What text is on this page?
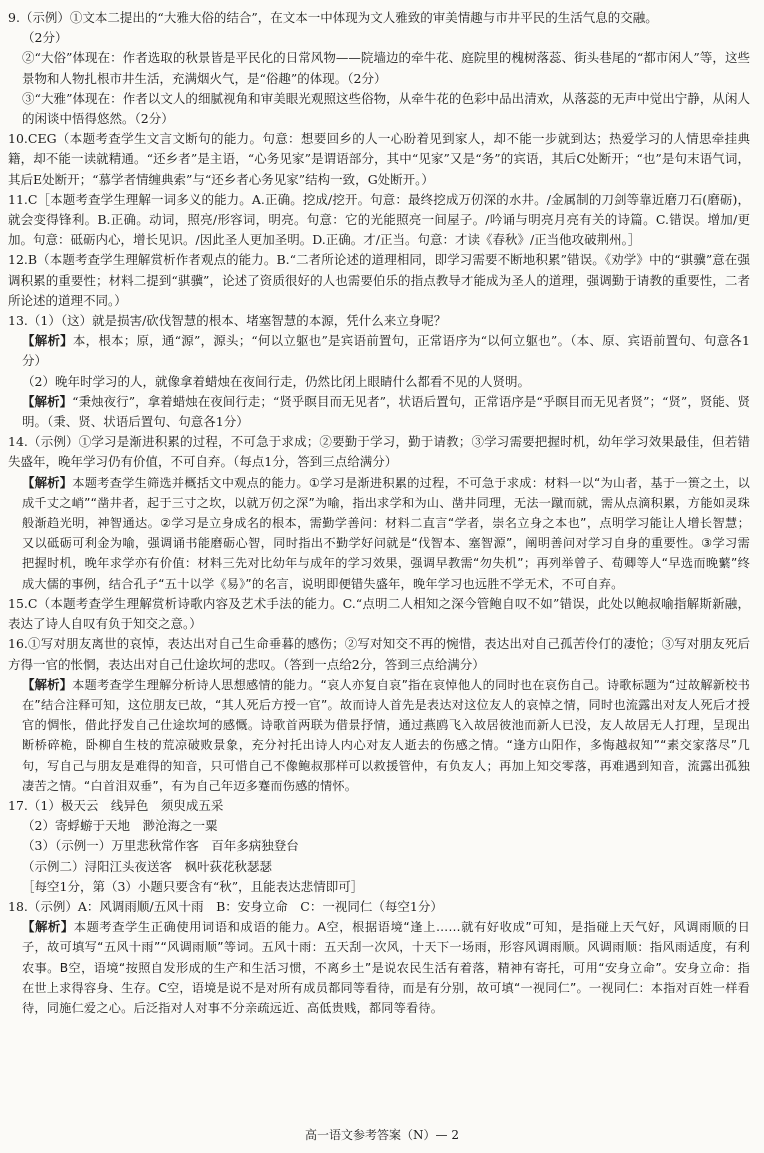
9.（示例）①文本二提出的“大雅大俗的结合”，在文本一中体现为文人雅致的审美情趣与市井平民的生活气息的交融。
（2分）
②“大俗”体现在：作者选取的秋景皆是平民化的日常风物——院墙边的牵牛花、庭院里的槐树落蕊、街头巷尾的“都市闲人”等，这些景物和人物扎根市井生活，充满烟火气，是“俗趣”的体现。（2分）
③“大雅”体现在：作者以文人的细腻视角和审美眼光观照这些俗物，从牵牛花的色彩中品出清欢，从落蕊的无声中觉出宁静，从闲人的闲谈中悟得悠然。（2分）
10.CEG（本题考查学生文言文断句的能力。句意：想要回乡的人一心盼着见到家人，却不能一步就到达；热爱学习的人情思牵挂典籍，却不能一读就精通。“还乡者”是主语，“心务见家”是谓语部分，其中“见家”又是“务”的宾语，其后C处断开；“也”是句末语气词，其后E处断开；“慕学者情缠典索”与“还乡者心务见家”结构一致，G处断开。）
11.C［本题考查学生理解一词多义的能力。A.正确。挖成/挖开。句意：最终挖成万仞深的水井。/金属制的刀剑等靠近磨刀石(磨砺)，就会变得锋利。B.正确。动词，照亮/形容词，明亮。句意：它的光能照亮一间屋子。/吟诵与明亮月亮有关的诗篇。C.错误。增加/更加。句意：砥砺内心，增长见识。/因此圣人更加圣明。D.正确。才/正当。句意：才读《春秋》/正当他攻破荆州。］
12.B（本题考查学生理解赏析作者观点的能力。B.“二者所论述的道理相同，即学习需要不断地积累”错误。《劝学》中的“骐骥”意在强调积累的重要性；材料二提到“骐骥”，论述了资质很好的人也需要伯乐的指点教导才能成为圣人的道理，强调勤于请教的重要性，二者所论述的道理不同。）
13.（1）（这）就是损害/砍伐智慧的根本、堵塞智慧的本源，凭什么来立身呢？
【解析】本，根本；原，通“源”，源头；“何以立躯也”是宾语前置句，正常语序为“以何立躯也”。（本、原、宾语前置句、句意各1分）
（2）晚年时学习的人，就像拿着蜡烛在夜间行走，仍然比闭上眼睛什么都看不见的人贤明。
【解析】“秉烛夜行”，拿着蜡烛在夜间行走；“贤乎瞑目而无见者”，状语后置句，正常语序是“乎瞑目而无见者贤”；“贤”，贤能、贤明。（秉、贤、状语后置句、句意各1分）
14.（示例）①学习是渐进积累的过程，不可急于求成；②要勤于学习，勤于请教；③学习需要把握时机，幼年学习效果最佳，但若错失盛年，晚年学习仍有价值，不可自弃。（每点1分，答到三点给满分）
【解析】本题考查学生筛选并概括文中观点的能力。①学习是渐进积累的过程，不可急于求成：材料一以“为山者，基于一篑之土，以成千丈之峭”“凿井者，起于三寸之坎，以就万仞之深”为喻，指出求学和为山、凿井同理，无法一蹴而就，需从点滴积累，方能如灵珠般渐趋光明，神智通达。②学习是立身成名的根本，需勤学善问：材料二直言“学者，崇名立身之本也”，点明学习能让人增长智慧；又以砥砺可利金为喻，强调诵书能磨砺心智，同时指出不勤学好问就是“伐智本、塞智源”，阐明善问对学习自身的重要性。③学习需把握时机，晚年求学亦有价值：材料三先对比幼年与成年的学习效果，强调早教需“勿失机”；再列举曾子、荀卿等人“早选而晚蘩”终成大儒的事例，结合孔子“五十以学《易》”的名言，说明即便错失盛年，晚年学习也远胜不学无术，不可自弃。
15.C（本题考查学生理解赏析诗歌内容及艺术手法的能力。C.“点明二人相知之深今管鲍自叹不如”错误，此处以鲍叔喻指解斯新融，表达了诗人自叹有负于知交之意。）
16.①写对朋友离世的哀悼，表达出对自己生命垂暮的感伤；②写对知交不再的惋惜，表达出对自己孤苦伶仃的凄怆；③写对朋友死后方得一官的怅惘，表达出对自己仕途坎坷的悲叹。（答到一点给2分，答到三点给满分）
【解析】本题考查学生理解分析诗人思想感情的能力。“哀人亦复自哀”指在哀悼他人的同时也在哀伤自己。诗歌标题为“过故解新校书在”结合注释可知，这位朋友已故，“其人死后方授一官”。故而诗人首先是表达对这位友人的哀悼之情，同时也流露出对友人死后才授官的惆怅，借此抒发自己仕途坎坷的感慨。诗歌首两联为借景抒情，通过燕鸥飞入故居彼池而新人已没，友人故居无人打理，呈现出断桥碎桅，卧柳自生枝的荒凉破败景象，充分衬托出诗人内心对友人逝去的伤感之情。“逢方山阳作，多悔越叔知”“素交家落尽”几句，写自己与朋友是难得的知音，只可惜自己不像鲍叔那样可以救援管仲，有负友人；再加上知交零落，再难遇到知音，流露出孤独凄苦之情。“白首泪双垂”，有为自己年迈多蹇而伤感的情怀。
17.（1）极天云　线异色　须臾成五采
（2）寄蜉蝣于天地　渺沧海之一粟
（3）（示例一）万里悲秋常作客　百年多病独登台
（示例二）浔阳江头夜送客　枫叶荻花秋瑟瑟
［每空1分，第（3）小题只要含有“秋”，且能表达悲情即可］
18.（示例）A：风调雨顺/五风十雨　B：安身立命　C：一视同仁（每空1分）
【解析】本题考查学生正确使用词语和成语的能力。A空，根据语境“逢上……就有好收成”可知，是指碰上天气好，风调雨顺的日子，故可填写“五风十雨”“风调雨顺”等词。五风十雨：五天刮一次风，十天下一场雨，形容风调雨顺。风调雨顺：指风雨适度，有利农事。B空，语境“按照自发形成的生产和生活习惯，不离乡土”是说农民生活有着落，精神有寄托，可用“安身立命”。安身立命：指在世上求得容身、生存。C空，语境是说不是对所有成员都同等看待，而是有分别，故可填“一视同仁”。一视同仁：本指对百姓一样看待，同施仁爱之心。后泛指对人对事不分亲疏远近、高低贵贱，都同等看待。
高一语文参考答案（N）— 2
